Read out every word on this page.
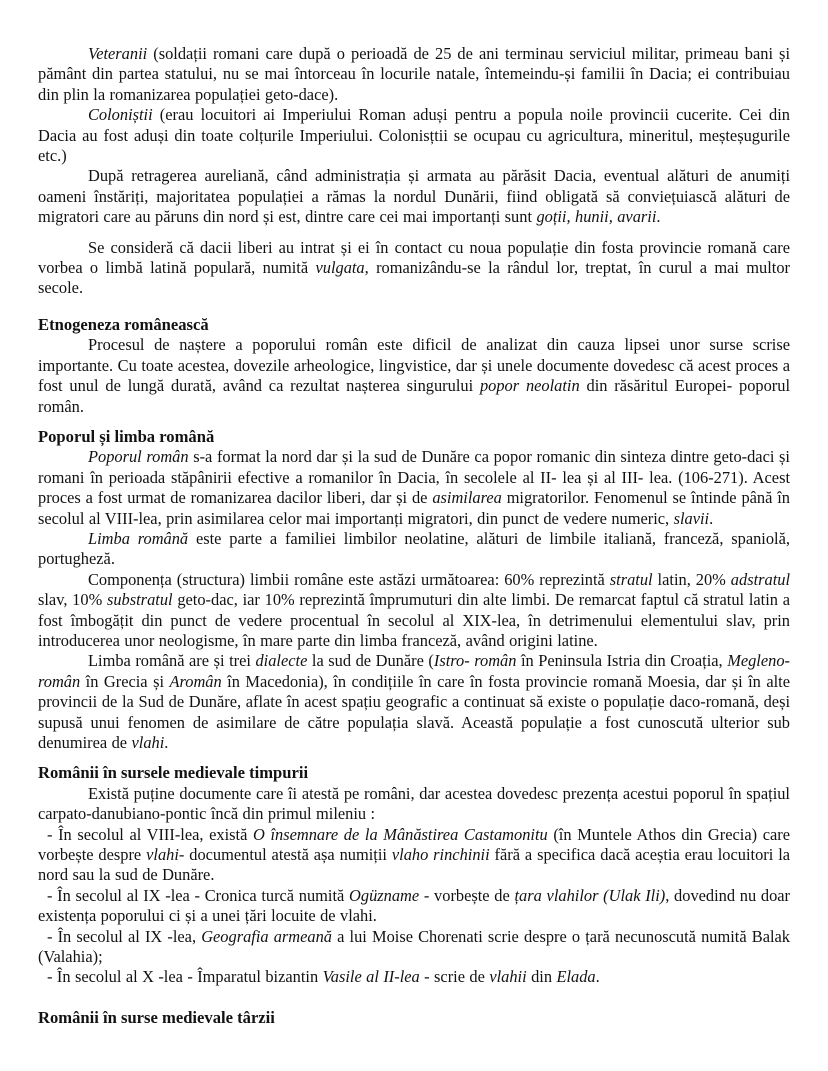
Veteranii (soldații romani care după o perioadă de 25 de ani terminau serviciul militar, primeau bani și pământ din partea statului, nu se mai întorceau în locurile natale, întemeindu-și familii în Dacia; ei contribuiau din plin la romanizarea populației geto-dace).

Coloniștii (erau locuitori ai Imperiului Roman aduși pentru a popula noile provincii cucerite. Cei din Dacia au fost aduși din toate colțurile Imperiului. Colonisțtii se ocupau cu agricultura, mineritul, meșteșugurile etc.)

După retragerea aureliană, când administrația și armata au părăsit Dacia, eventual alături de anumiți oameni înstăriți, majoritatea populației a rămas la nordul Dunării, fiind obligată să conviețuiască alături de migratori care au păruns din nord și est, dintre care cei mai importanți sunt goții, hunii, avarii.

Se consideră că dacii liberi au intrat și ei în contact cu noua populație din fosta provincie romană care vorbea o limbă latină populară, numită vulgata, romanizându-se la rândul lor, treptat, în curul a mai multor secole.

Etnogeneza românească

Procesul de naștere a poporului român este dificil de analizat din cauza lipsei unor surse scrise importante. Cu toate acestea, dovezile arheologice, lingvistice, dar și unele documente dovedesc că acest proces a fost unul de lungă durată, având ca rezultat nașterea singurului popor neolatin din răsăritul Europei- poporul român.

Poporul și limba română

Poporul român s-a format la nord dar și la sud de Dunăre ca popor romanic din sinteza dintre geto-daci și romani în perioada stăpânirii efective a romanilor în Dacia, în secolele al II- lea și al III- lea. (106-271). Acest proces a fost urmat de romanizarea dacilor liberi, dar și de asimilarea migratorilor. Fenomenul se întinde până în secolul al VIII-lea, prin asimilarea celor mai importanți migratori, din punct de vedere numeric, slavii.

Limba română este parte a familiei limbilor neolatine, alături de limbile italiană, franceză, spaniolă, portugheză.

Componența (structura) limbii române este astăzi următoarea: 60% reprezintă stratul latin, 20% adstratul slav, 10% substratul geto-dac, iar 10% reprezintă împrumuturi din alte limbi. De remarcat faptul că stratul latin a fost îmbogățit din punct de vedere procentual în secolul al XIX-lea, în detrimenului elementului slav, prin introducerea unor neologisme, în mare parte din limba franceză, având origini latine.

Limba română are și trei dialecte la sud de Dunăre (Istro- român în Peninsula Istria din Croația, Megleno-român în Grecia și Aromân în Macedonia), în condițiile în care în fosta provincie romană Moesia, dar și în alte provincii de la Sud de Dunăre, aflate în acest spațiu geografic a continuat să existe o populație daco-romană, deși supusă unui fenomen de asimilare de către populația slavă. Această populație a fost cunoscută ulterior sub denumirea de vlahi.

Românii în sursele medievale timpurii

Există puține documente care îi atestă pe români, dar acestea dovedesc prezența acestui poporul în spațiul carpato-danubiano-pontic încă din primul mileniu :

- În secolul al VIII-lea, există O însemnare de la Mânăstirea Castamonitu (în Muntele Athos din Grecia) care vorbește despre vlahi- documentul atestă așa numiții vlaho rinchinii fără a specifica dacă aceștia erau locuitori la nord sau la sud de Dunăre.

- În secolul al IX -lea - Cronica turcă numită Ogüzname - vorbește de țara vlahilor (Ulak Ili), dovedind nu doar existența poporului ci și a unei țări locuite de vlahi.

- În secolul al IX -lea, Geografia armeană a lui Moise Chorenati scrie despre o țară necunoscută numită Balak (Valahia);

- În secolul al X -lea - Împaratul bizantin Vasile al II-lea - scrie de vlahii din Elada.

Românii în surse medievale târzii
